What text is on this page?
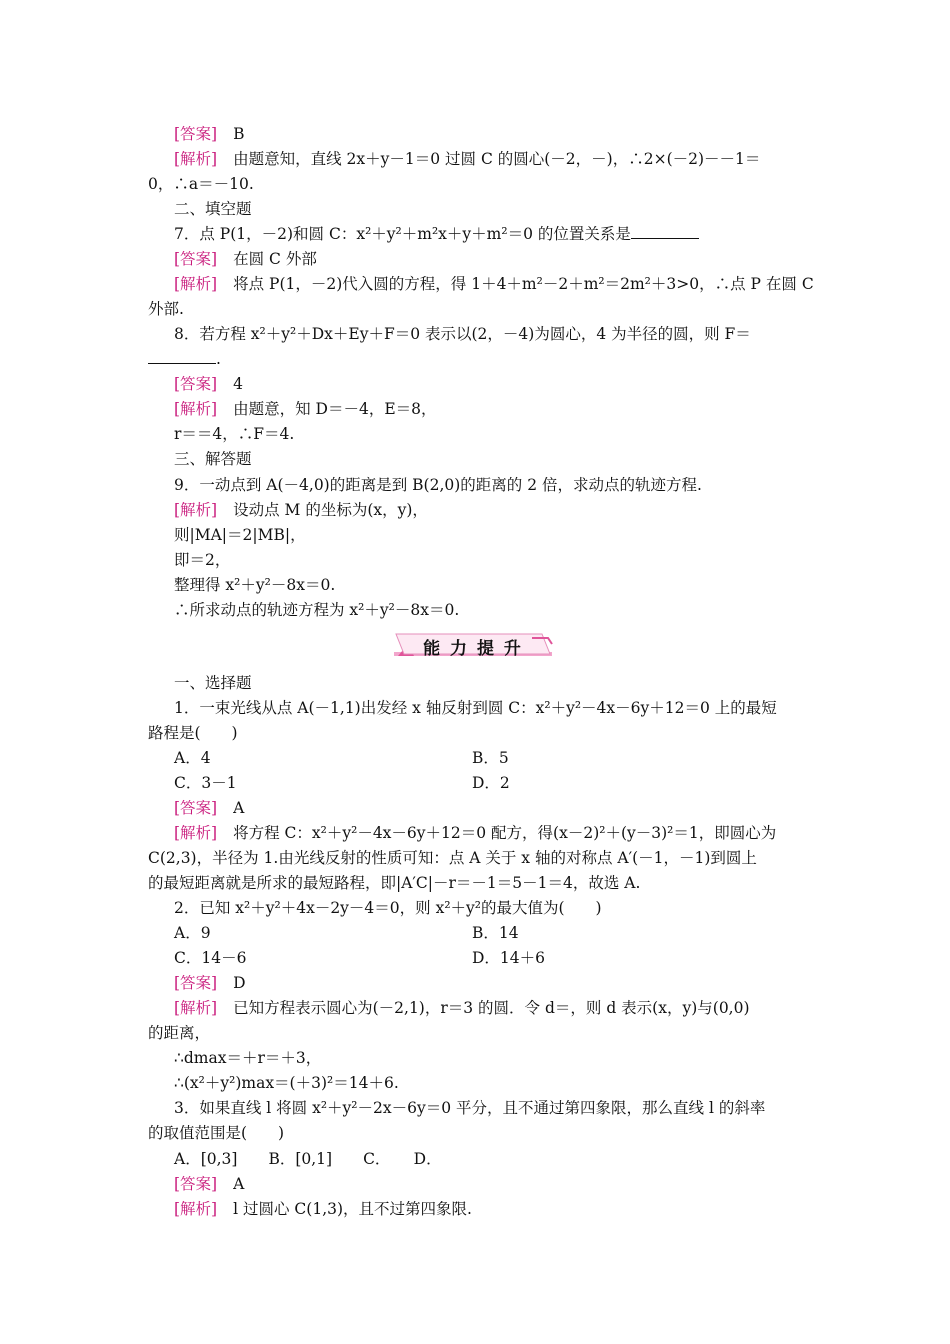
[答案] B
[解析] 由题意知，直线 2x＋y－1＝0 过圆 C 的圆心(－2，－)，∴2×(－2)－－1＝
0，∴a＝－10.
二、填空题
7．点 P(1，－2)和圆 C：x²＋y²＋m²x＋y＋m²＝0 的位置关系是
[答案] 在圆 C 外部
[解析] 将点 P(1，－2)代入圆的方程，得 1＋4＋m²－2＋m²＝2m²＋3>0，∴点 P 在圆 C
外部.
8．若方程 x²＋y²＋Dx＋Ey＋F＝0 表示以(2，－4)为圆心，4 为半径的圆，则 F＝
.
[答案] 4
[解析] 由题意，知 D＝－4，E＝8，
r＝＝4，∴F＝4.
三、解答题
9．一动点到 A(－4,0)的距离是到 B(2,0)的距离的 2 倍，求动点的轨迹方程.
[解析] 设动点 M 的坐标为(x，y)，
则|MA|＝2|MB|，
即＝2，
整理得 x²＋y²－8x＝0.
∴所求动点的轨迹方程为 x²＋y²－8x＝0.
能 力 提 升
一、选择题
1．一束光线从点 A(－1,1)出发经 x 轴反射到圆 C：x²＋y²－4x－6y＋12＝0 上的最短
路程是(　　)
A．4	B．5
C．3－1	D．2
[答案] A
[解析] 将方程 C：x²＋y²－4x－6y＋12＝0 配方，得(x－2)²＋(y－3)²＝1，即圆心为
C(2,3)，半径为 1.由光线反射的性质可知：点 A 关于 x 轴的对称点 A′(－1，－1)到圆上
的最短距离就是所求的最短路程，即|A′C|－r＝－1＝5－1＝4，故选 A.
2．已知 x²＋y²＋4x－2y－4＝0，则 x²＋y²的最大值为(　　)
A．9	B．14
C．14－6	D．14＋6
[答案] D
[解析] 已知方程表示圆心为(－2,1)，r＝3 的圆．令 d＝，则 d 表示(x，y)与(0,0)
的距离，
∴dmax＝＋r＝＋3，
∴(x²＋y²)max＝(＋3)²＝14＋6.
3．如果直线 l 将圆 x²＋y²－2x－6y＝0 平分，且不通过第四象限，那么直线 l 的斜率
的取值范围是(　　)
A．[0,3]　　B．[0,1]　　C．　　D．
[答案] A
[解析] l 过圆心 C(1,3)，且不过第四象限.
